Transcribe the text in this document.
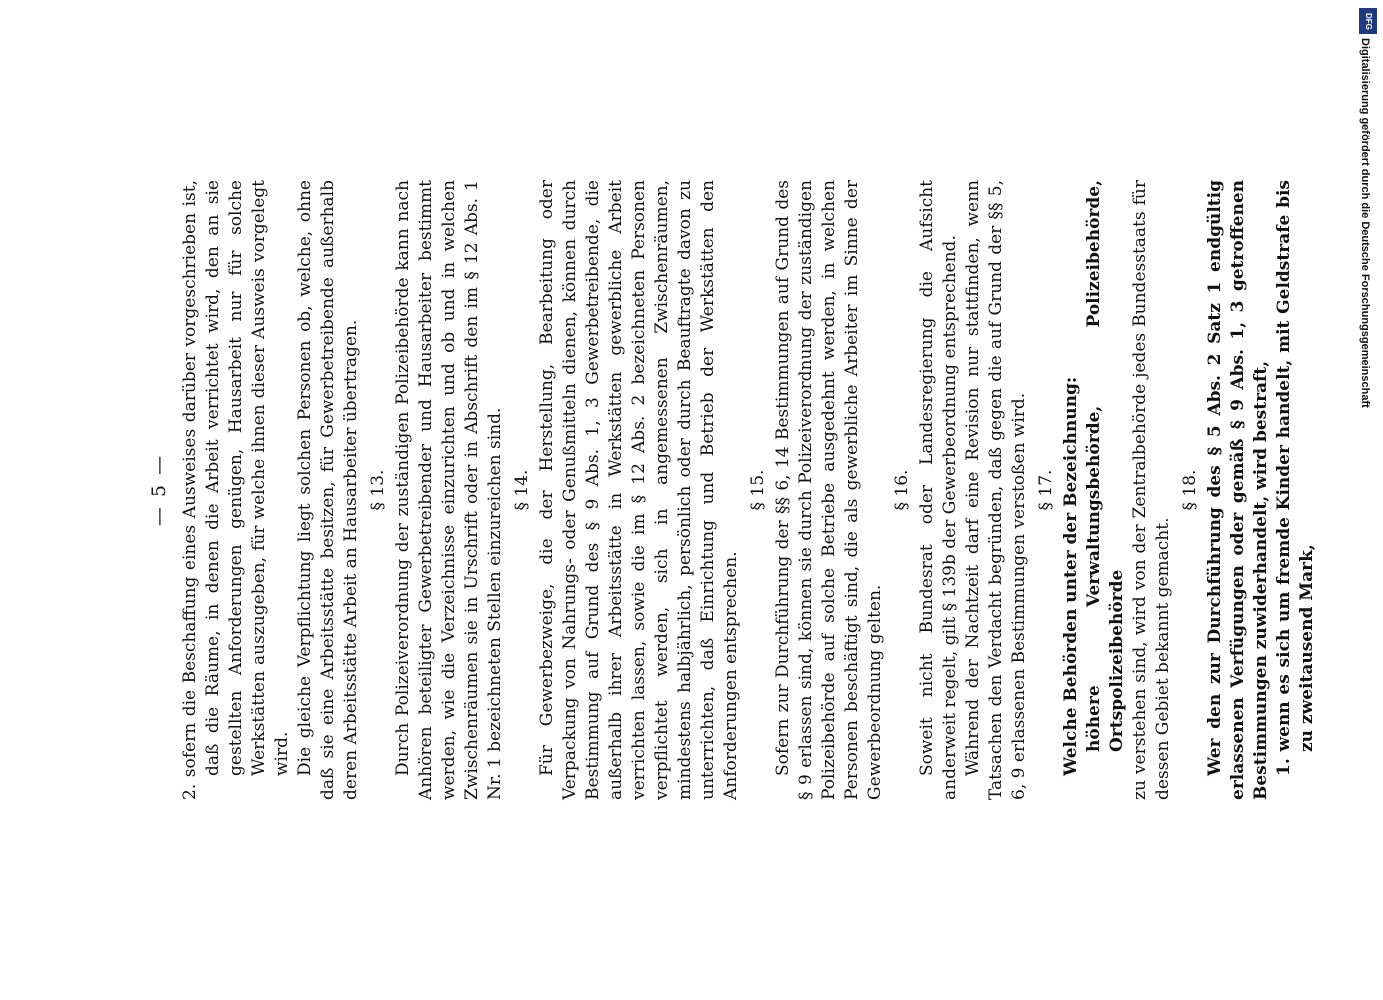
— 5 — 2. sofern die Beschaffung eines Ausweises darüber vorgeschrieben ist, daß die Räume, in denen die Arbeit verrichtet wird, den an sie gestellten Anforderungen genügen, Hausarbeit nur für solche Werkstätten auszugeben, für welche ihnen dieser Ausweis vorgelegt wird. Die gleiche Verpflichtung liegt solchen Personen ob, welche, ohne daß sie eine Arbeitsstätte besitzen, für Gewerbetreibende außerhalb deren Arbeitsstätte Arbeit an Hausarbeiter übertragen. § 13. Durch Polizeiverordnung der zuständigen Polizeibehörde kann nach Anhören beteiligter Gewerbetreibender und Hausarbeiter bestimmt werden, wie die Verzeichnisse einzurichten und ob und in welchen Zwischenräumen sie in Urschrift oder in Abschrift den im § 12 Abs. 1 Nr. 1 bezeichneten Stellen einzureichen sind. § 14. Für Gewerbezweige, die der Herstellung, Bearbeitung oder Verpackung von Nahrungs- oder Genußmitteln dienen, können durch Bestimmung auf Grund des § 9 Abs. 1, 3 Gewerbetreibende, die außerhalb ihrer Arbeitsstätte in Werkstätten gewerbliche Arbeit verrichten lassen, sowie die im § 12 Abs. 2 bezeichneten Personen verpflichtet werden, sich in angemessenen Zwischenräumen, mindestens halbjährlich, persönlich oder durch Beauftragte davon zu unterrichten, daß Einrichtung und Betrieb der Werkstätten den Anforderungen entsprechen.

§ 15. Sofern zur Durchführung der §§ 6, 14 Bestimmungen auf Grund des § 9 erlassen sind, können sie durch Polizeiverordnung der zuständigen Polizeibehörde auf solche Betriebe ausgedehnt werden, in welchen Personen beschäftigt sind, die als gewerbliche Arbeiter im Sinne der Gewerbeordnung gelten.

§ 16. Soweit nicht Bundesrat oder Landesregierung die Aufsicht anderweit regelt, gilt § 139b der Gewerbeordnung entsprechend. Während der Nachtzeit darf eine Revision nur stattfinden, wenn Tatsachen den Verdacht begründen, daß gegen die auf Grund der §§ 5, 6, 9 erlassenen Bestimmungen verstoßen wird. § 17. Welche Behörden unter der Bezeichnung: höhere Verwaltungsbehörde, Polizeibehörde, Ortspolizeibehörde zu verstehen sind, wird von der Zentralbehörde jedes Bundesstaats für dessen Gebiet bekannt gemacht.

§ 18. Wer den zur Durchführung des § 5 Abs. 2 Satz 1 endgültig erlassenen Verfügungen oder gemäß § 9 Abs. 1, 3 getroffenen Bestimmungen zuwiderhandelt, wird bestraft, 1. wenn es sich um fremde Kinder handelt, mit Geldstrafe bis zu zweitausend Mark,

DFG
Digitalisierung gefördert durch die Deutsche Forschungsgemeinschaft
